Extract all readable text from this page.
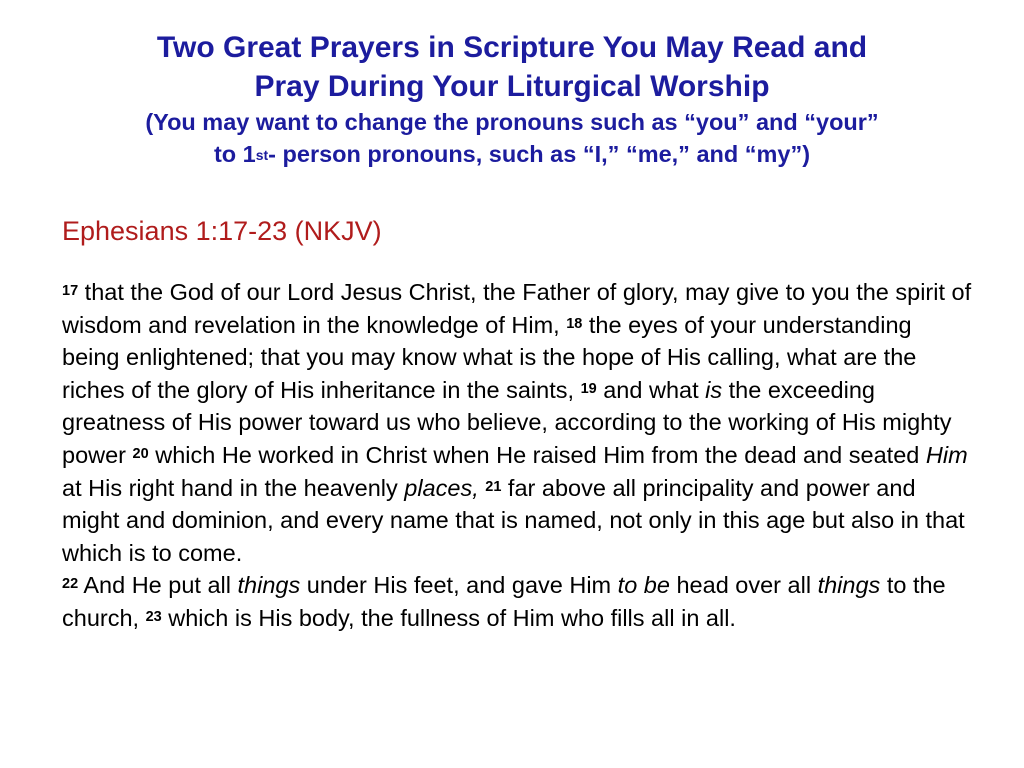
Two Great Prayers in Scripture You May Read and

Pray During Your Liturgical Worship

(You may want to change the pronouns such as “you” and “your”

to 1st- person pronouns, such as “I,” “me,” and “my”)

Ephesians 1:17-23 (NKJV)

$^{17}$ that the God of our Lord Jesus Christ, the Father of glory, may give to you the spirit of wisdom and revelation in the knowledge of Him, $^{18}$ the eyes of your understanding being enlightened; that you may know what is the hope of His calling, what are the riches of the glory of His inheritance in the saints, $^{19}$ and what is the exceeding greatness of His power toward us who believe, according to the working of His mighty power $^{20}$ which He worked in Christ when He raised Him from the dead and seated Him at His right hand in the heavenly places, $^{21}$ far above all principality and power and might and dominion, and every name that is named, not only in this age but also in that which is to come.

$^{22}$ And He put all things under His feet, and gave Him to be head over all things to the church, $^{23}$ which is His body, the fullness of Him who fills all in all.
